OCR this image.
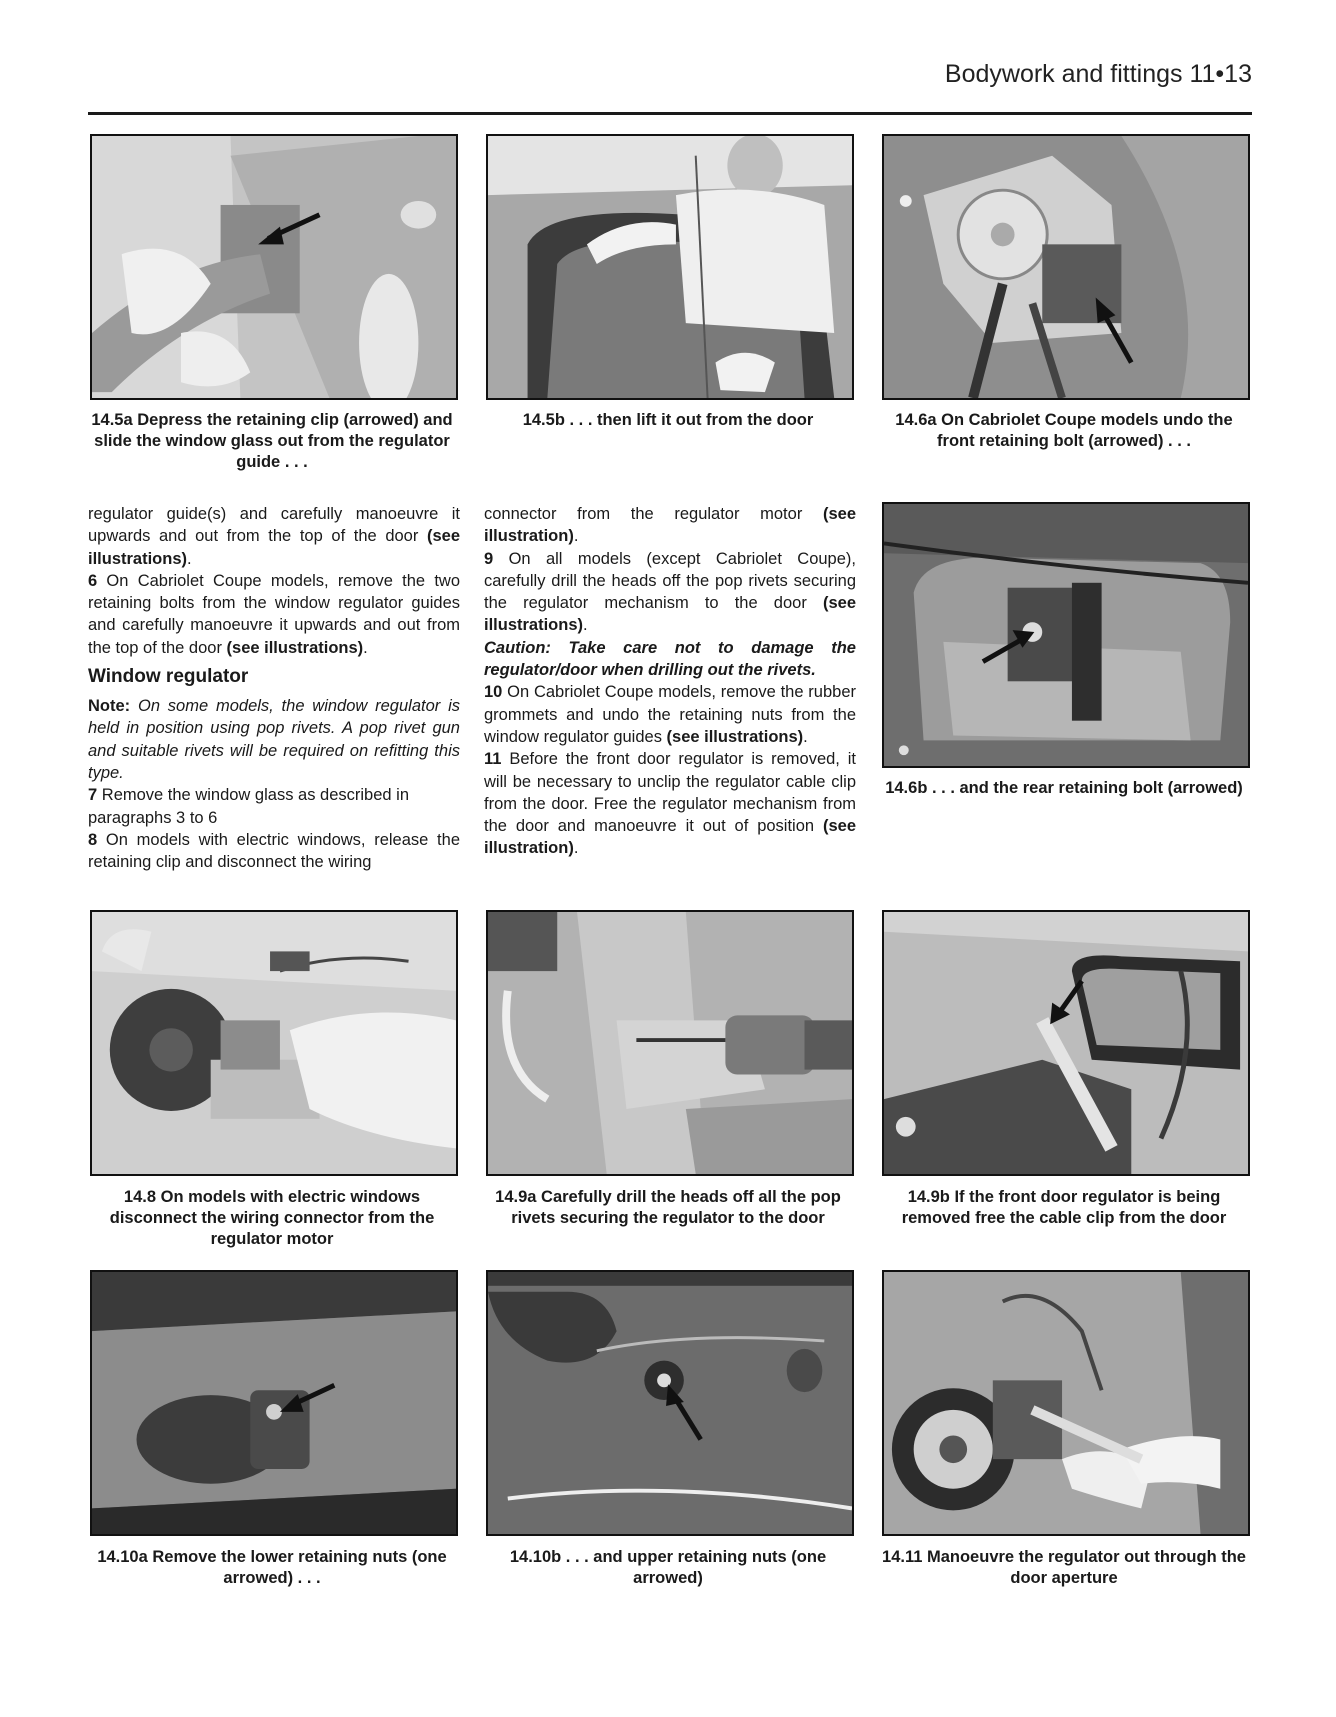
Bodywork and fittings 11•13
14.5a Depress the retaining clip (arrowed) and slide the window glass out from the regulator guide . . .
14.5b . . . then lift it out from the door	14.6a On Cabriolet Coupe models undo the front retaining bolt (arrowed) . . .

regulator guide(s) and carefully manoeuvre it upwards and out from the top of the door (see illustrations).

6 On Cabriolet Coupe models, remove the two retaining bolts from the window regulator guides and carefully manoeuvre it upwards and out from the top of the door (see illustrations).

Window regulator

Note: On some models, the window regulator is held in position using pop rivets. A pop rivet gun and suitable rivets will be required on refitting this type.

7 Remove the window glass as described in paragraphs 3 to 6

8 On models with electric windows, release the retaining clip and disconnect the wiring

connector from the regulator motor (see illustration).

9 On all models (except Cabriolet Coupe), carefully drill the heads off the pop rivets securing the regulator mechanism to the door (see illustrations).

Caution: Take care not to damage the regulator/door when drilling out the rivets.

10 On Cabriolet Coupe models, remove the rubber grommets and undo the retaining nuts from the window regulator guides (see illustrations).

11 Before the front door regulator is removed, it will be necessary to unclip the regulator cable clip from the door. Free the regulator mechanism from the door and manoeuvre it out of position (see illustration).

14.6b . . . and the rear retaining bolt (arrowed)
14.8 On models with electric windows disconnect the wiring connector from the regulator motor
14.9a Carefully drill the heads off all the pop rivets securing the regulator to the door
14.9b If the front door regulator is being removed free the cable clip from the door
14.10a Remove the lower retaining nuts (one arrowed) . . .
14.10b . . . and upper retaining nuts (one arrowed)
14.11 Manoeuvre the regulator out through the door aperture
